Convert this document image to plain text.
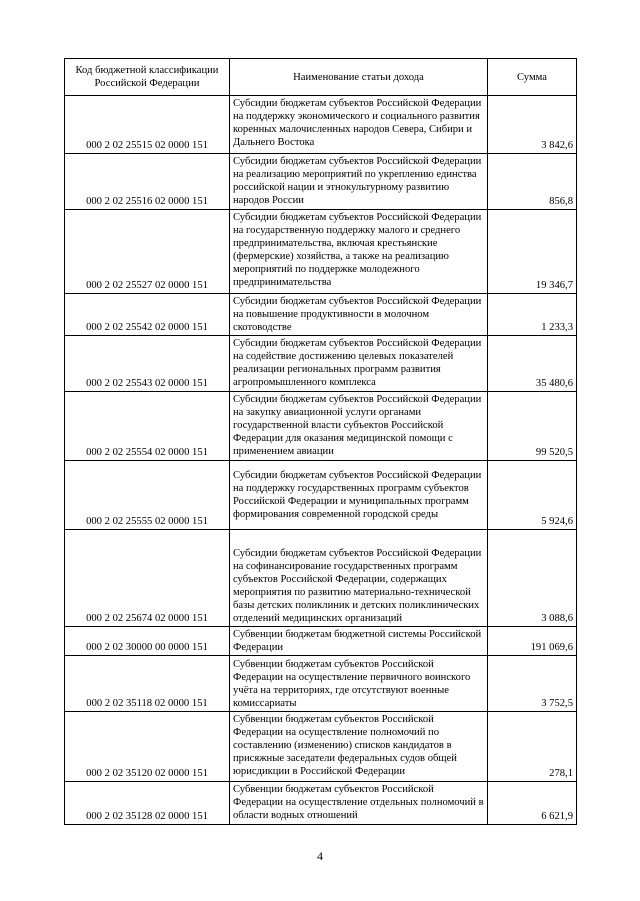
Код бюджетной классификации Российской Федерации	Наименование статьи дохода	Сумма
000 2 02 25515 02 0000 151	Субсидии бюджетам субъектов Российской Федерации на поддержку экономического и социального развития коренных малочисленных народов Севера, Сибири и Дальнего Востока	3 842,6
000 2 02 25516 02 0000 151	Субсидии бюджетам субъектов Российской Федерации на реализацию мероприятий по укреплению единства российской нации и этнокультурному развитию народов России	856,8
000 2 02 25527 02 0000 151	Субсидии бюджетам субъектов Российской Федерации на государственную поддержку малого и среднего предпринимательства, включая крестьянские (фермерские) хозяйства, а также на реализацию мероприятий по поддержке молодежного предпринимательства	19 346,7
000 2 02 25542 02 0000 151	Субсидии бюджетам субъектов Российской Федерации на повышение продуктивности в молочном скотоводстве	1 233,3
000 2 02 25543 02 0000 151	Субсидии бюджетам субъектов Российской Федерации на содействие достижению целевых показателей реализации региональных программ развития агропромышленного комплекса	35 480,6
000 2 02 25554 02 0000 151	Субсидии бюджетам субъектов Российской Федерации на закупку авиационной услуги органами государственной власти субъектов Российской Федерации для оказания медицинской помощи с применением авиации	99 520,5
000 2 02 25555 02 0000 151	Субсидии бюджетам субъектов Российской Федерации на поддержку государственных программ субъектов Российской Федерации и муниципальных программ формирования современной городской среды	5 924,6
000 2 02 25674 02 0000 151	Субсидии бюджетам субъектов Российской Федерации на софинансирование государственных программ субъектов Российской Федерации, содержащих мероприятия по развитию материально-технической базы детских поликлиник и детских поликлинических отделений медицинских организаций	3 088,6
000 2 02 30000 00 0000 151	Субвенции бюджетам бюджетной системы Российской Федерации	191 069,6
000 2 02 35118 02 0000 151	Субвенции бюджетам субъектов Российской Федерации на осуществление первичного воинского учёта на территориях, где отсутствуют военные комиссариаты	3 752,5
000 2 02 35120 02 0000 151	Субвенции бюджетам субъектов Российской Федерации на осуществление полномочий по составлению (изменению) списков кандидатов в присяжные заседатели федеральных судов общей юрисдикции в Российской Федерации	278,1
000 2 02 35128 02 0000 151	Субвенции бюджетам субъектов Российской Федерации на осуществление отдельных полномочий в области водных отношений	6 621,9
4
